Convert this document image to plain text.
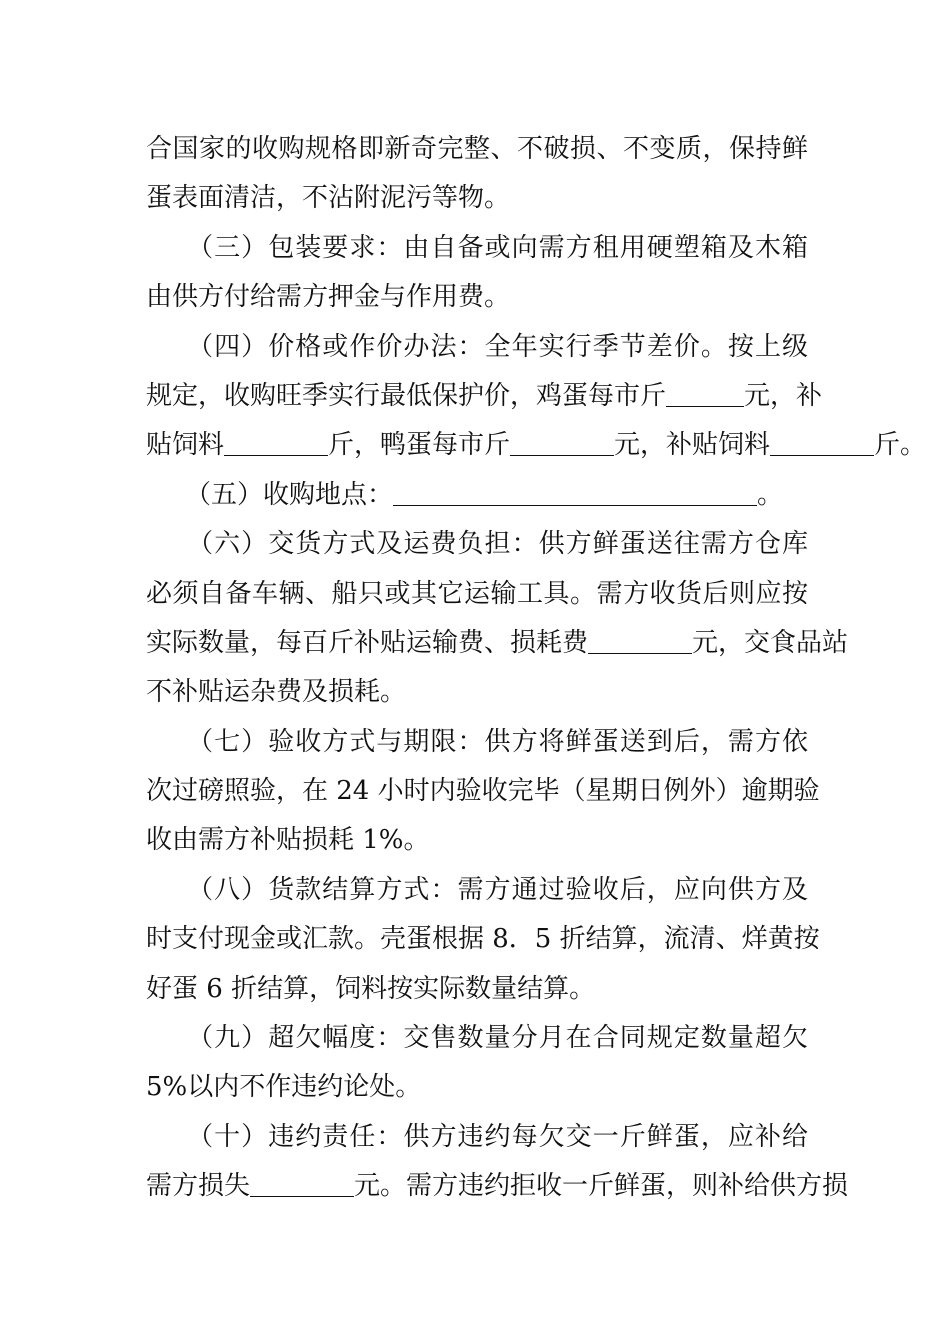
合国家的收购规格即新奇完整、不破损、不变质，保持鲜
蛋表面清洁，不沾附泥污等物。
　　（三）包装要求：由自备或向需方租用硬塑箱及木箱
由供方付给需方押金与作用费。
　　（四）价格或作价办法：全年实行季节差价。按上级
规定，收购旺季实行最低保护价，鸡蛋每市斤＿＿＿元，补
贴饲料＿＿＿＿斤，鸭蛋每市斤＿＿＿＿元，补贴饲料＿＿＿＿斤。
　　（五）收购地点：＿＿＿＿＿＿＿＿＿＿＿＿＿＿。
　　（六）交货方式及运费负担：供方鲜蛋送往需方仓库
必须自备车辆、船只或其它运输工具。需方收货后则应按
实际数量，每百斤补贴运输费、损耗费＿＿＿＿元，交食品站
不补贴运杂费及损耗。
　　（七）验收方式与期限：供方将鲜蛋送到后，需方依
次过磅照验，在 24 小时内验收完毕（星期日例外）逾期验
收由需方补贴损耗 1%。
　　（八）货款结算方式：需方通过验收后，应向供方及
时支付现金或汇款。壳蛋根据 8．5 折结算，流清、烊黄按
好蛋 6 折结算，饲料按实际数量结算。
　　（九）超欠幅度：交售数量分月在合同规定数量超欠
5%以内不作违约论处。
　　（十）违约责任：供方违约每欠交一斤鲜蛋，应补给
需方损失＿＿＿＿元。需方违约拒收一斤鲜蛋，则补给供方损
